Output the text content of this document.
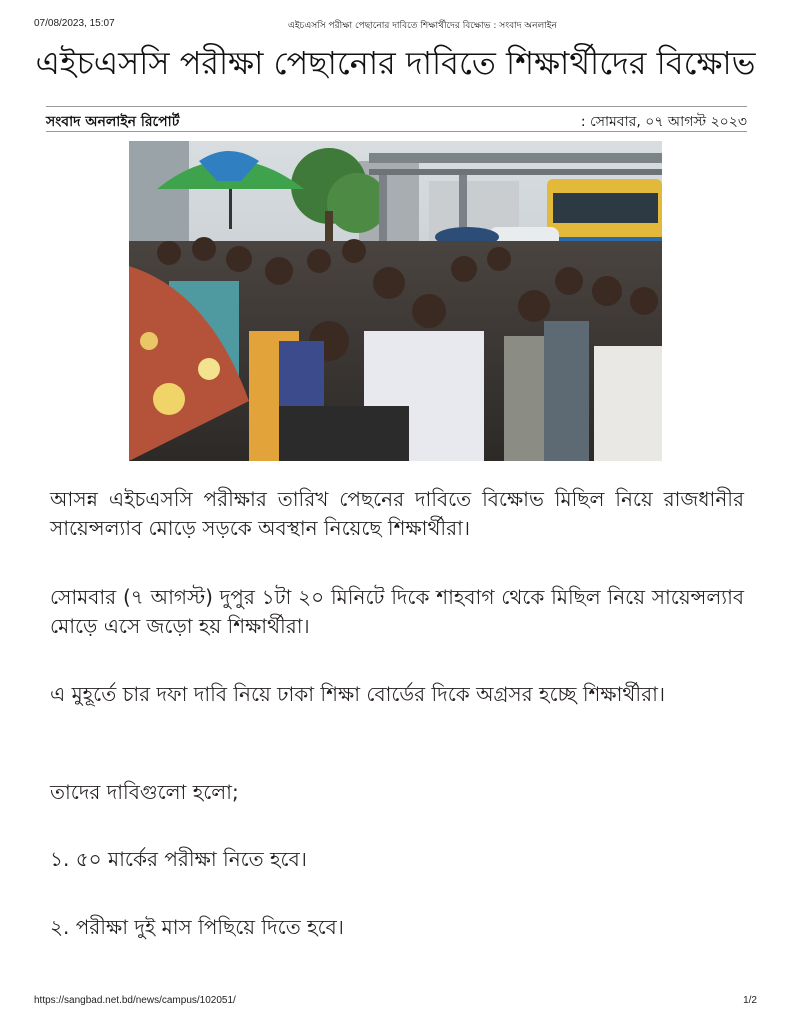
07/08/2023, 15:07	এইচএসসি পরীক্ষা পেছানোর দাবিতে শিক্ষার্থীদের বিক্ষোভ : সংবাদ অনলাইন
এইচএসসি পরীক্ষা পেছানোর দাবিতে শিক্ষার্থীদের বিক্ষোভ
সংবাদ অনলাইন রিপোর্ট	: সোমবার, ০৭ আগস্ট ২০২৩

আসন্ন এইচএসসি পরীক্ষার তারিখ পেছনের দাবিতে বিক্ষোভ মিছিল নিয়ে রাজধানীর সায়েন্সল্যাব মোড়ে সড়কে অবস্থান নিয়েছে শিক্ষার্থীরা।

সোমবার (৭ আগস্ট) দুপুর ১টা ২০ মিনিটে দিকে শাহবাগ থেকে মিছিল নিয়ে সায়েন্সল্যাব মোড়ে এসে জড়ো হয় শিক্ষার্থীরা।

এ মুহূর্তে চার দফা দাবি নিয়ে ঢাকা শিক্ষা বোর্ডের দিকে অগ্রসর হচ্ছে শিক্ষার্থীরা।

তাদের দাবিগুলো হলো;

১. ৫০ মার্কের পরীক্ষা নিতে হবে।

২. পরীক্ষা দুই মাস পিছিয়ে দিতে হবে।

https://sangbad.net.bd/news/campus/102051/	1/2
